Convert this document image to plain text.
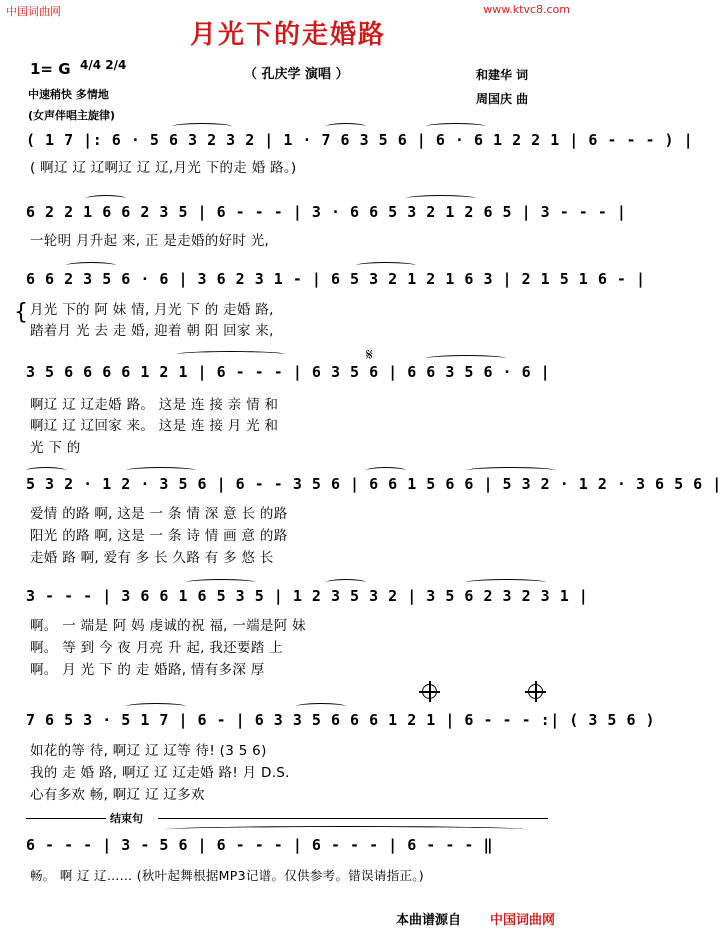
中国词曲网	www.ktvc8.com
月光下的走婚路
1= G 4/4 2/4
（ 孔庆学 演唱 ）	和建华 词
中速稍快 多情地	周国庆 曲
(女声伴唱主旋律)
( 1 7 |: 6 · 5 6 3 2 3 2 | 1 · 7 6 3 5 6 | 6 · 6 1 2 2 1 | 6 - - - ) |
( 啊辽 辽 辽啊辽 辽 辽,月光 下的走 婚 路。)
6 2 2 1 6 6 2 3 5 | 6 - - - | 3 · 6 6 5 3 2 1 2 6 5 | 3 - - - |
一轮明 月升起 来, 正 是走婚的好时 光,
6 6 2 3 5 6 · 6 | 3 6 2 3 1 - | 6 5 3 2 1 2 1 6 3 | 2 1 5 1 6 - |
{ 月光 下的 阿 妹 情, 月光 下 的 走婚 路,
踏着月 光 去 走 婚, 迎着 朝 阳 回家 来,
3 5 6 6 6 6 1 2 1 | 6 - - - | 6 3 5 6 | 6 6 3 5 6 · 6 |
𝄋
啊辽 辽 辽走婚 路。 这是 连 接 亲 情 和
啊辽 辽 辽回家 来。 这是 连 接 月 光 和
光 下 的
5 3 2 · 1 2 · 3 5 6 | 6 - - 3 5 6 | 6 6 1 5 6 6 | 5 3 2 · 1 2 · 3 6 5 6 |
爱情 的路 啊, 这是 一 条 情 深 意 长 的路
阳光 的路 啊, 这是 一 条 诗 情 画 意 的路
走婚 路 啊, 爱有 多 长 久路 有 多 悠 长
3 - - - | 3 6 6 1 6 5 3 5 | 1 2 3 5 3 2 | 3 5 6 2 3 2 3 1 |
啊。 一 端是 阿 妈 虔诚的祝 福, 一端是阿 妹
啊。 等 到 今 夜 月亮 升 起, 我还要踏 上
啊。 月 光 下 的 走 婚路, 情有多深 厚
7 6 5 3 · 5 1 7 | 6 - | 6 3 3 5 6 6 6 1 2 1 | 6 - - - :| ( 3 5 6 )
如花的等 待, 啊辽 辽 辽等 待! (3 5 6)
我的 走 婚 路, 啊辽 辽 辽走婚 路! 月 D.S.
心有多欢 畅, 啊辽 辽 辽多欢
结束句
6 - - - | 3 - 5 6 | 6 - - - | 6 - - - | 6 - - - ‖
畅。 啊 辽 辽…… (秋叶起舞根据MP3记谱。仅供参考。错误请指正。)
本曲谱源自 中国词曲网
